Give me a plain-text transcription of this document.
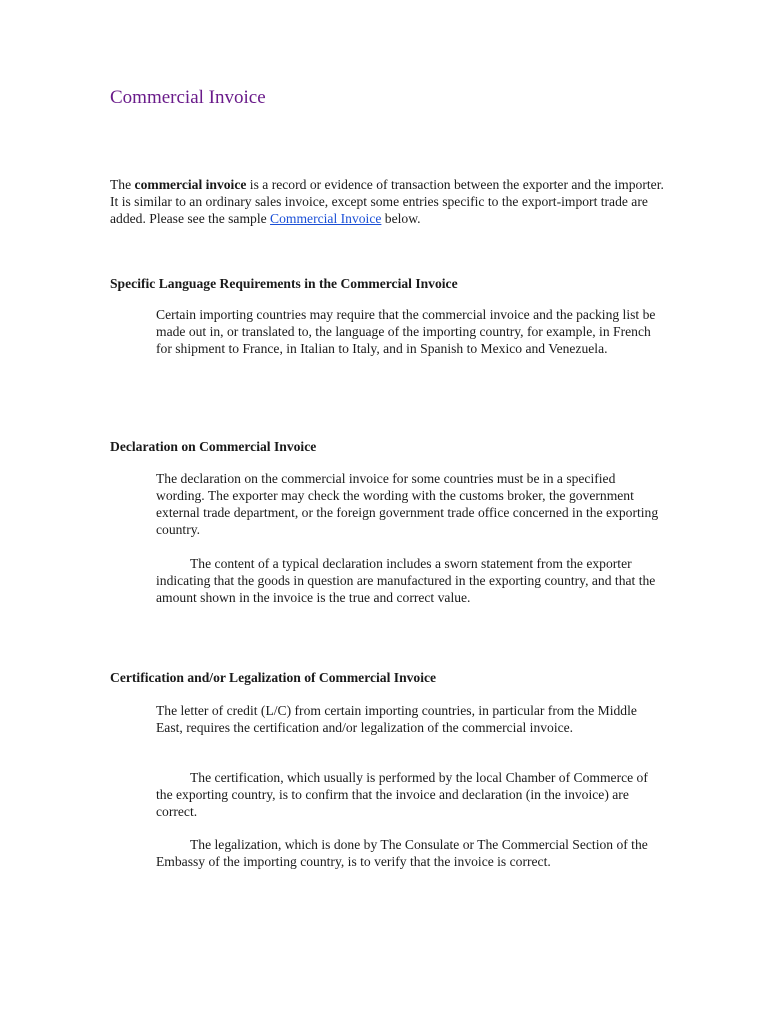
Commercial Invoice

The commercial invoice is a record or evidence of transaction between the exporter and the importer. It is similar to an ordinary sales invoice, except some entries specific to the export-import trade are added. Please see the sample Commercial Invoice below.

Specific Language Requirements in the Commercial Invoice

Certain importing countries may require that the commercial invoice and the packing list be made out in, or translated to, the language of the importing country, for example, in French for shipment to France, in Italian to Italy, and in Spanish to Mexico and Venezuela.

Declaration on Commercial Invoice

The declaration on the commercial invoice for some countries must be in a specified wording. The exporter may check the wording with the customs broker, the government external trade department, or the foreign government trade office concerned in the exporting country.

The content of a typical declaration includes a sworn statement from the exporter indicating that the goods in question are manufactured in the exporting country, and that the amount shown in the invoice is the true and correct value.

Certification and/or Legalization of Commercial Invoice

The letter of credit (L/C) from certain importing countries, in particular from the Middle East, requires the certification and/or legalization of the commercial invoice.

The certification, which usually is performed by the local Chamber of Commerce of the exporting country, is to confirm that the invoice and declaration (in the invoice) are correct.

The legalization, which is done by The Consulate or The Commercial Section of the Embassy of the importing country, is to verify that the invoice is correct.
